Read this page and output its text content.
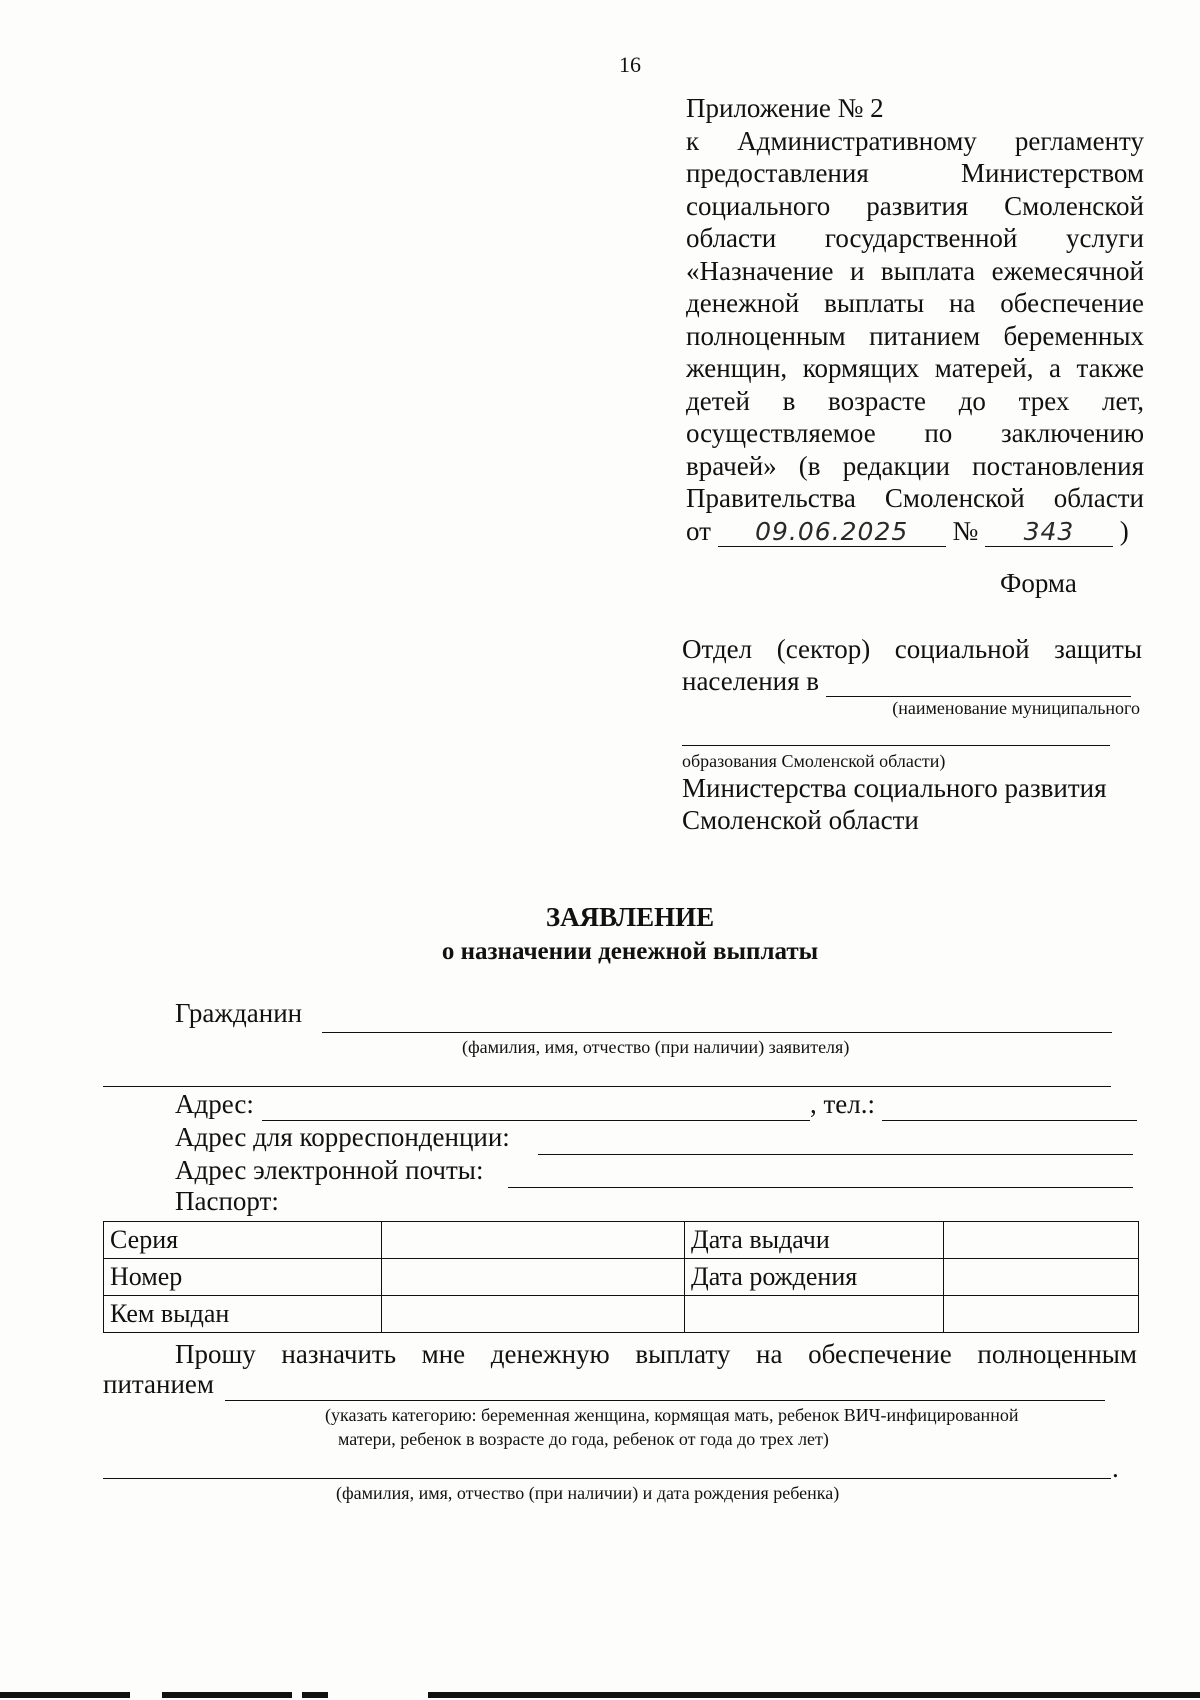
16
Приложение № 2
к Административному регламенту
предоставления Министерством
социального развития Смоленской
области государственной услуги
«Назначение и выплата ежемесячной
денежной выплаты на обеспечение
полноценным питанием беременных
женщин, кормящих матерей, а также
детей в возрасте до трех лет,
осуществляемое по заключению
врачей» (в редакции постановления
Правительства Смоленской области
от 09.06.2025 № 343 )
Форма
Отдел (сектор) социальной защиты
населения в
(наименование муниципального
образования Смоленской области)
Министерства социального развития
Смоленской области
ЗАЯВЛЕНИЕ
о назначении денежной выплаты
Гражданин
(фамилия, имя, отчество (при наличии) заявителя)
Адрес:	, тел.:
Адрес для корреспонденции:
Адрес электронной почты:
Паспорт:
Серия		Дата выдачи	
Номер		Дата рождения	
Кем выдан			
Прошу назначить мне денежную выплату на обеспечение полноценным
питанием
(указать категорию: беременная женщина, кормящая мать, ребенок ВИЧ-инфицированной
матери, ребенок в возрасте до года, ребенок от года до трех лет)
.
(фамилия, имя, отчество (при наличии) и дата рождения ребенка)
